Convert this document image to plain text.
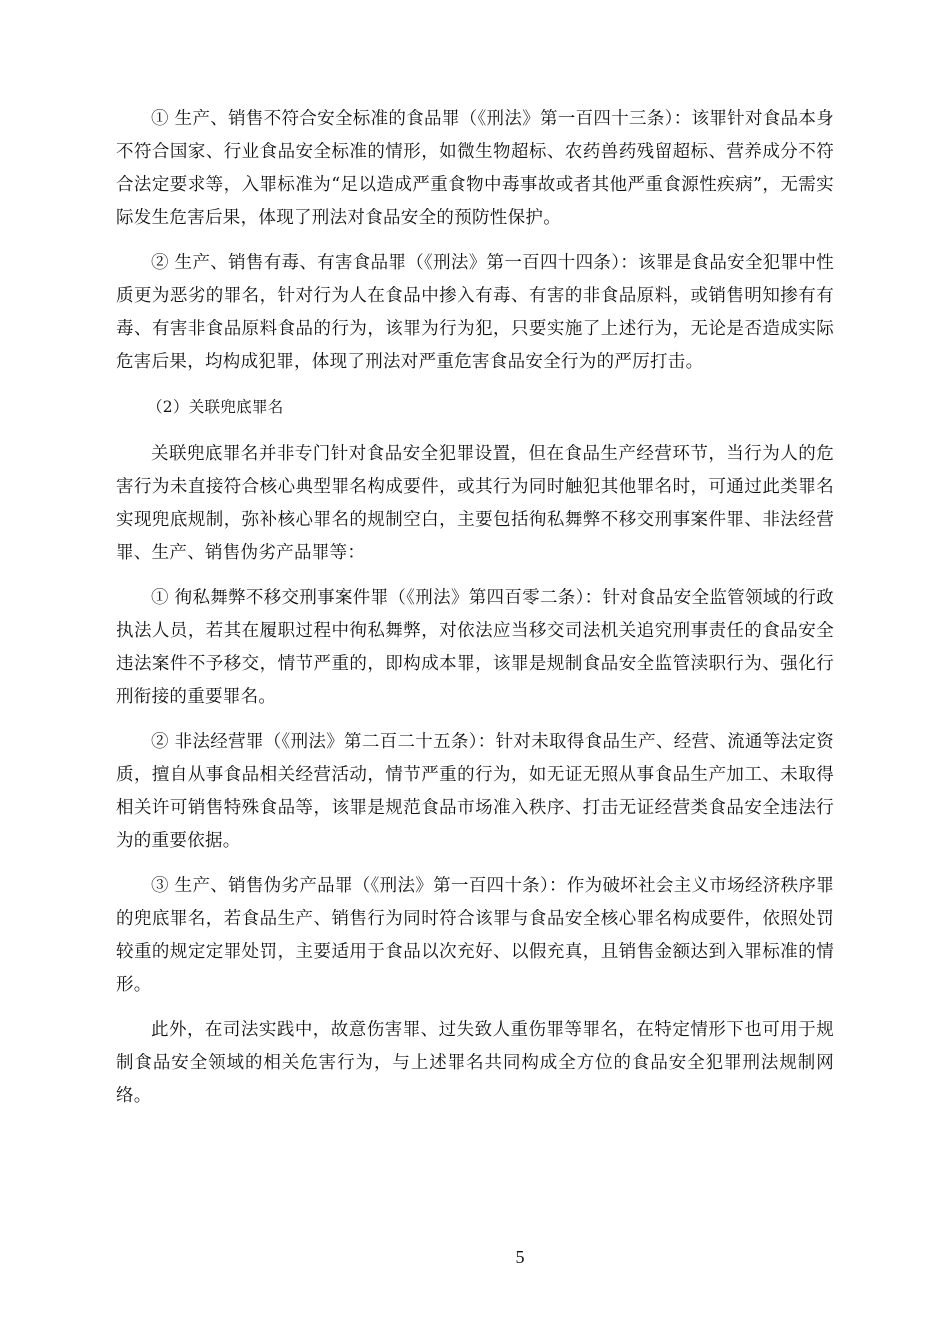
① 生产、销售不符合安全标准的食品罪（《刑法》第一百四十三条）：该罪针对食品本身不符合国家、行业食品安全标准的情形，如微生物超标、农药兽药残留超标、营养成分不符合法定要求等，入罪标准为“足以造成严重食物中毒事故或者其他严重食源性疾病”，无需实际发生危害后果，体现了刑法对食品安全的预防性保护。

② 生产、销售有毒、有害食品罪（《刑法》第一百四十四条）：该罪是食品安全犯罪中性质更为恶劣的罪名，针对行为人在食品中掺入有毒、有害的非食品原料，或销售明知掺有有毒、有害非食品原料食品的行为，该罪为行为犯，只要实施了上述行为，无论是否造成实际危害后果，均构成犯罪，体现了刑法对严重危害食品安全行为的严厉打击。

（2）关联兜底罪名

关联兜底罪名并非专门针对食品安全犯罪设置，但在食品生产经营环节，当行为人的危害行为未直接符合核心典型罪名构成要件，或其行为同时触犯其他罪名时，可通过此类罪名实现兜底规制，弥补核心罪名的规制空白，主要包括徇私舞弊不移交刑事案件罪、非法经营罪、生产、销售伪劣产品罪等：

① 徇私舞弊不移交刑事案件罪（《刑法》第四百零二条）：针对食品安全监管领域的行政执法人员，若其在履职过程中徇私舞弊，对依法应当移交司法机关追究刑事责任的食品安全违法案件不予移交，情节严重的，即构成本罪，该罪是规制食品安全监管渎职行为、强化行刑衔接的重要罪名。

② 非法经营罪（《刑法》第二百二十五条）：针对未取得食品生产、经营、流通等法定资质，擅自从事食品相关经营活动，情节严重的行为，如无证无照从事食品生产加工、未取得相关许可销售特殊食品等，该罪是规范食品市场准入秩序、打击无证经营类食品安全违法行为的重要依据。

③ 生产、销售伪劣产品罪（《刑法》第一百四十条）：作为破坏社会主义市场经济秩序罪的兜底罪名，若食品生产、销售行为同时符合该罪与食品安全核心罪名构成要件，依照处罚较重的规定定罪处罚，主要适用于食品以次充好、以假充真，且销售金额达到入罪标准的情形。

此外，在司法实践中，故意伤害罪、过失致人重伤罪等罪名，在特定情形下也可用于规制食品安全领域的相关危害行为，与上述罪名共同构成全方位的食品安全犯罪刑法规制网络。

5
